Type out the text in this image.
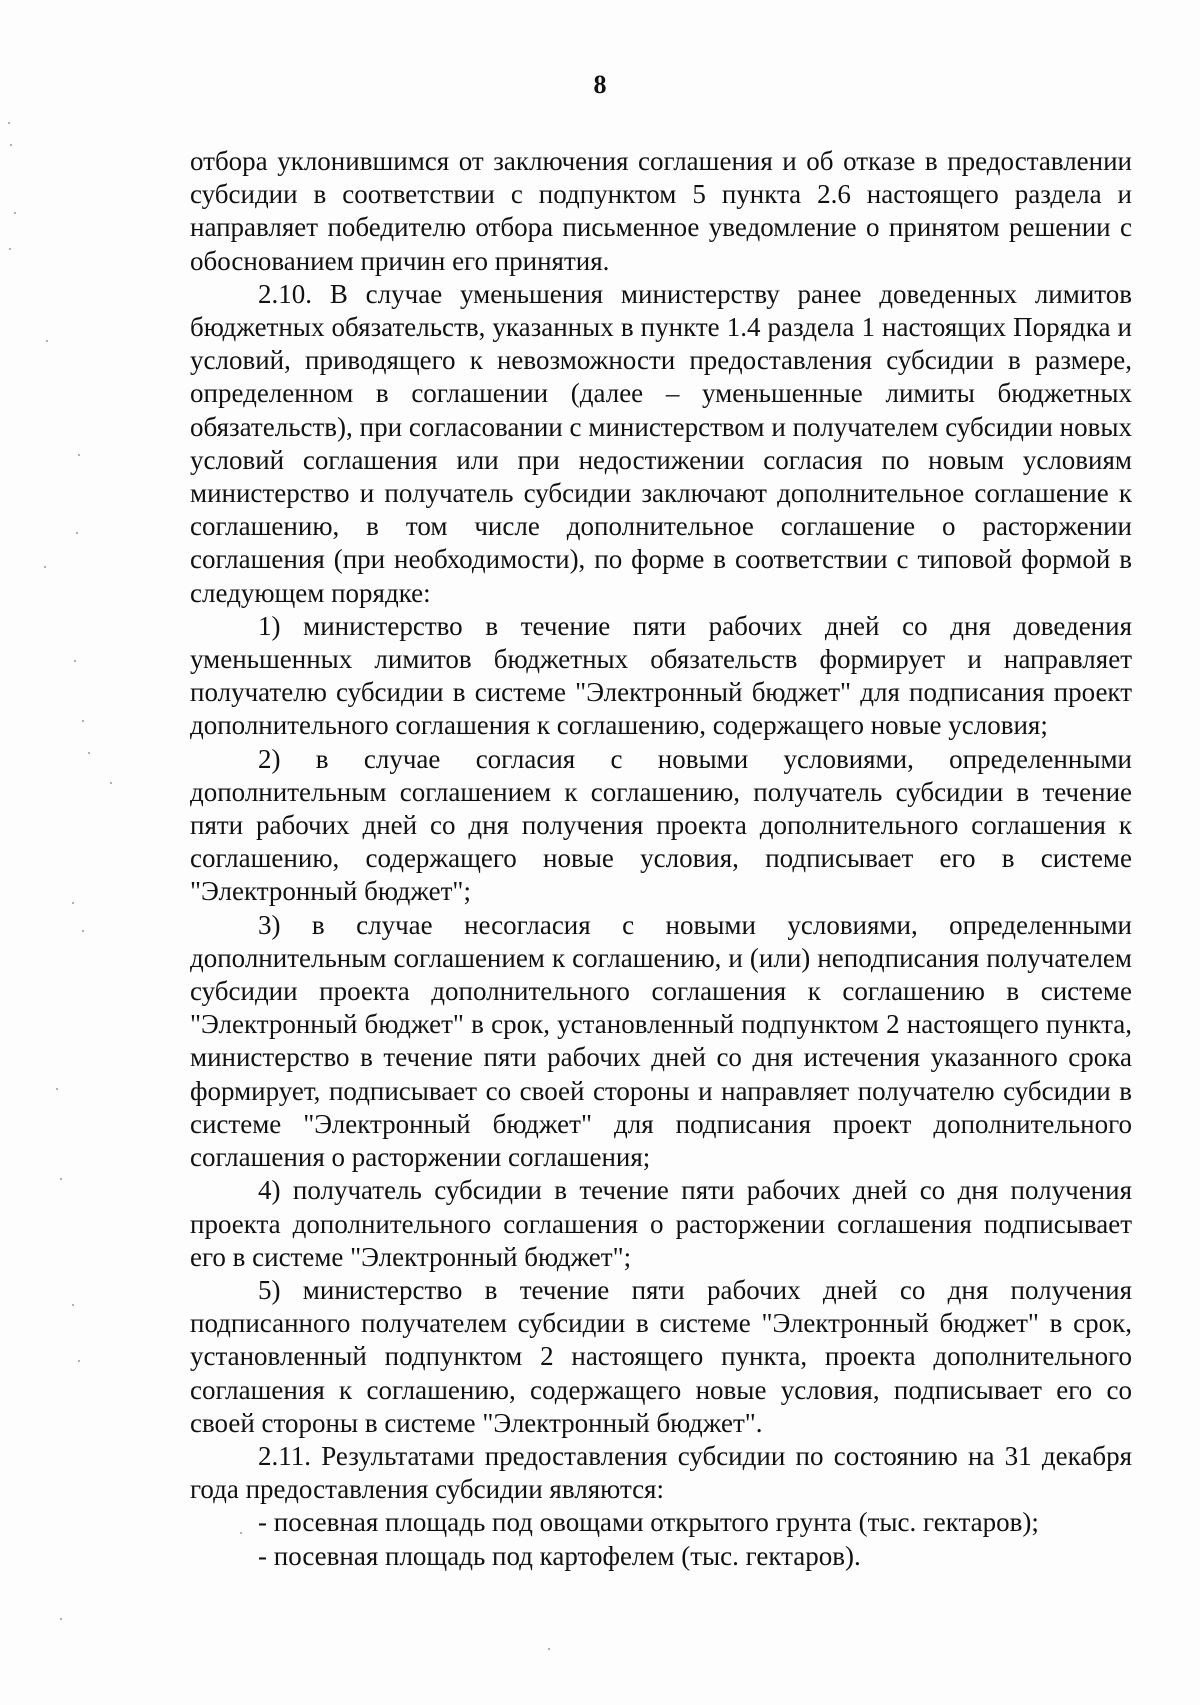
8

отбора уклонившимся от заключения соглашения и об отказе в предоставлении субсидии в соответствии с подпунктом 5 пункта 2.6 настоящего раздела и направляет победителю отбора письменное уведомление о принятом решении с обоснованием причин его принятия.

2.10. В случае уменьшения министерству ранее доведенных лимитов бюджетных обязательств, указанных в пункте 1.4 раздела 1 настоящих Порядка и условий, приводящего к невозможности предоставления субсидии в размере, определенном в соглашении (далее – уменьшенные лимиты бюджетных обязательств), при согласовании с министерством и получателем субсидии новых условий соглашения или при недостижении согласия по новым условиям министерство и получатель субсидии заключают дополнительное соглашение к соглашению, в том числе дополнительное соглашение о расторжении соглашения (при необходимости), по форме в соответствии с типовой формой в следующем порядке:

1) министерство в течение пяти рабочих дней со дня доведения уменьшенных лимитов бюджетных обязательств формирует и направляет получателю субсидии в системе "Электронный бюджет" для подписания проект дополнительного соглашения к соглашению, содержащего новые условия;

2) в случае согласия с новыми условиями, определенными дополнительным соглашением к соглашению, получатель субсидии в течение пяти рабочих дней со дня получения проекта дополнительного соглашения к соглашению, содержащего новые условия, подписывает его в системе "Электронный бюджет";

3) в случае несогласия с новыми условиями, определенными дополнительным соглашением к соглашению, и (или) неподписания получателем субсидии проекта дополнительного соглашения к соглашению в системе "Электронный бюджет" в срок, установленный подпунктом 2 настоящего пункта, министерство в течение пяти рабочих дней со дня истечения указанного срока формирует, подписывает со своей стороны и направляет получателю субсидии в системе "Электронный бюджет" для подписания проект дополнительного соглашения о расторжении соглашения;

4) получатель субсидии в течение пяти рабочих дней со дня получения проекта дополнительного соглашения о расторжении соглашения подписывает его в системе "Электронный бюджет";

5) министерство в течение пяти рабочих дней со дня получения подписанного получателем субсидии в системе "Электронный бюджет" в срок, установленный подпунктом 2 настоящего пункта, проекта дополнительного соглашения к соглашению, содержащего новые условия, подписывает его со своей стороны в системе "Электронный бюджет".

2.11. Результатами предоставления субсидии по состоянию на 31 декабря года предоставления субсидии являются:

- посевная площадь под овощами открытого грунта (тыс. гектаров);

- посевная площадь под картофелем (тыс. гектаров).
